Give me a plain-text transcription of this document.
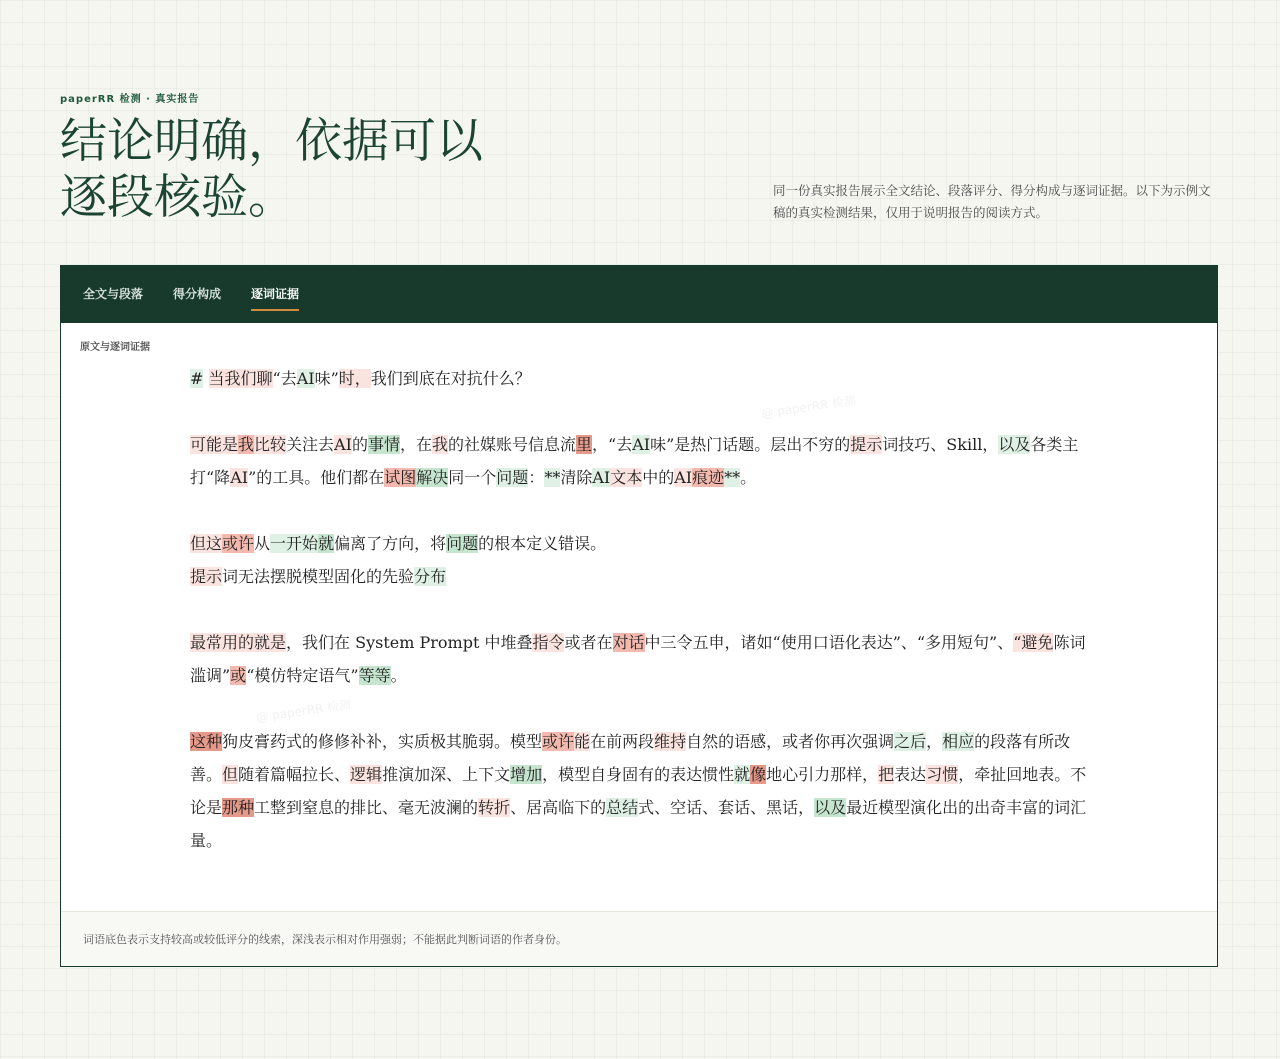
paperRR 检测 · 真实报告
结论明确，依据可以
逐段核验。	同一份真实报告展示全文结论、段落评分、得分构成与逐词证据。以下为示例文稿的真实检测结果，仅用于说明报告的阅读方式。

全文与段落	得分构成	逐词证据
原文与逐词证据
@ paperRR 检测
@ paperRR 检测

# 当我们聊“去AI味”时，我们到底在对抗什么？

可能是我比较关注去AI的事情，在我的社媒账号信息流里，“去AI味”是热门话题。层出不穷的提示词技巧、Skill，以及各类主打“降AI”的工具。他们都在试图解决同一个问题：**清除AI文本中的AI痕迹**。

但这或许从一开始就偏离了方向，将问题的根本定义错误。

提示词无法摆脱模型固化的先验分布

最常用的就是，我们在 System Prompt 中堆叠指令或者在对话中三令五申，诸如“使用口语化表达”、“多用短句”、“避免陈词滥调”或“模仿特定语气”等等。

这种狗皮膏药式的修修补补，实质极其脆弱。模型或许能在前两段维持自然的语感，或者你再次强调之后，相应的段落有所改善。但随着篇幅拉长、逻辑推演加深、上下文增加，模型自身固有的表达惯性就像地心引力那样，把表达习惯，牵扯回地表。不论是那种工整到窒息的排比、毫无波澜的转折、居高临下的总结式、空话、套话、黑话，以及最近模型演化出的出奇丰富的词汇量。

词语底色表示支持较高或较低评分的线索，深浅表示相对作用强弱；不能据此判断词语的作者身份。
